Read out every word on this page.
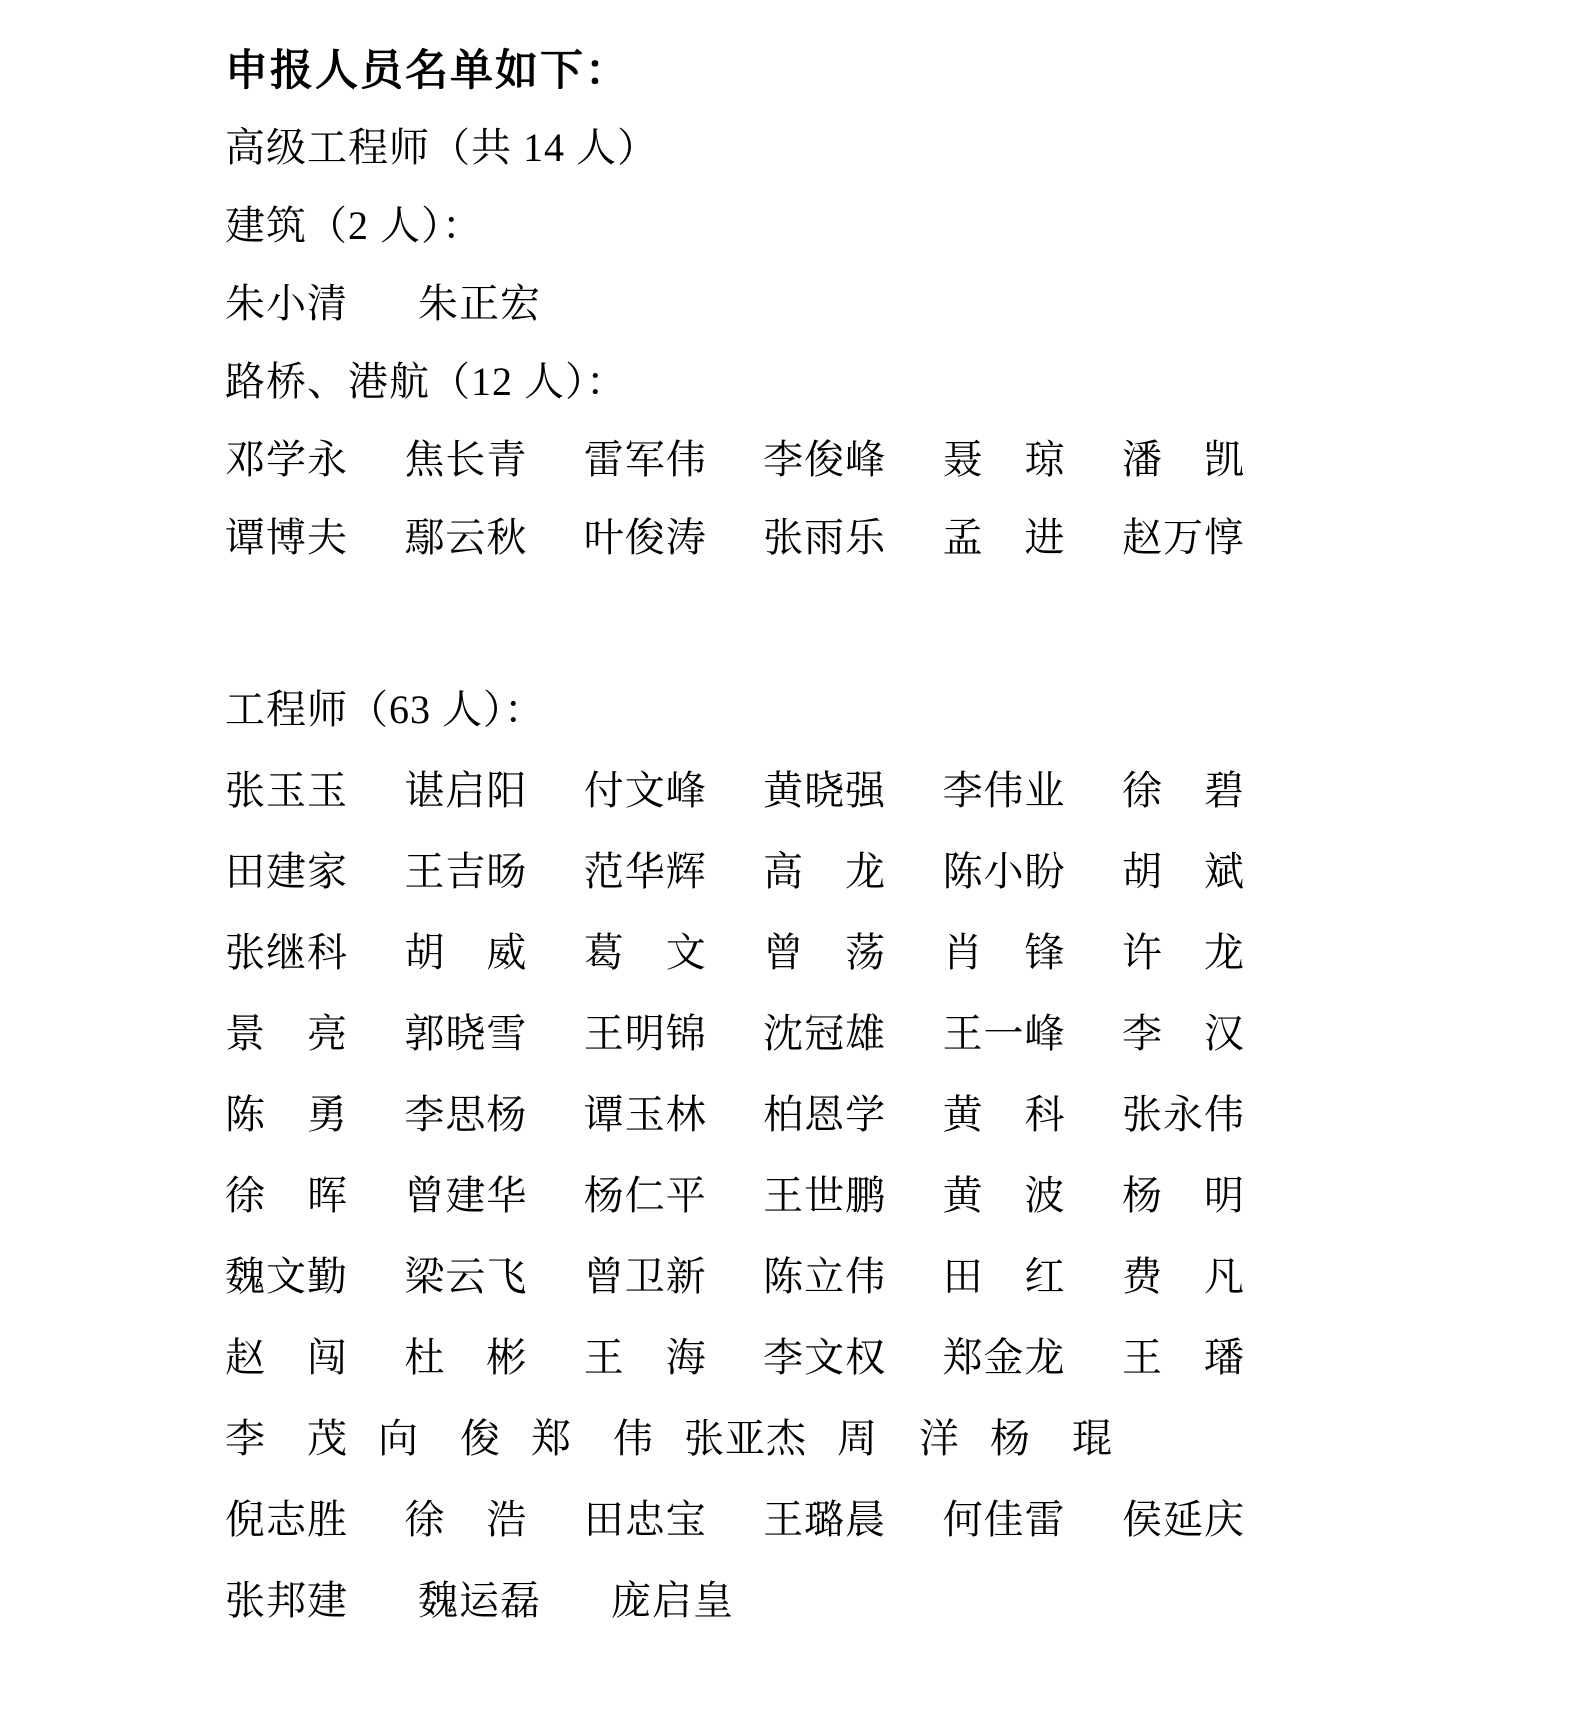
申报人员名单如下：
高级工程师（共 14 人）
建筑（2 人）：
朱小清 朱正宏
路桥、港航（12 人）：
邓学永 焦长青 雷军伟 李俊峰 聂　琼 潘　凯
谭博夫 鄢云秋 叶俊涛 张雨乐 孟　进 赵万惇
工程师（63 人）：
张玉玉 谌启阳 付文峰 黄晓强 李伟业 徐　碧
田建家 王吉旸 范华辉 高　龙 陈小盼 胡　斌
张继科 胡　威 葛　文 曾　荡 肖　锋 许　龙
景　亮 郭晓雪 王明锦 沈冠雄 王一峰 李　汉
陈　勇 李思杨 谭玉林 柏恩学 黄　科 张永伟
徐　晖 曾建华 杨仁平 王世鹏 黄　波 杨　明
魏文勤 梁云飞 曾卫新 陈立伟 田　红 费　凡
赵　闯 杜　彬 王　海 李文权 郑金龙 王　璠
李　茂 向　俊 郑　伟 张亚杰 周　洋 杨　琨
倪志胜 徐　浩 田忠宝 王璐晨 何佳雷 侯延庆
张邦建 魏运磊 庞启皇
